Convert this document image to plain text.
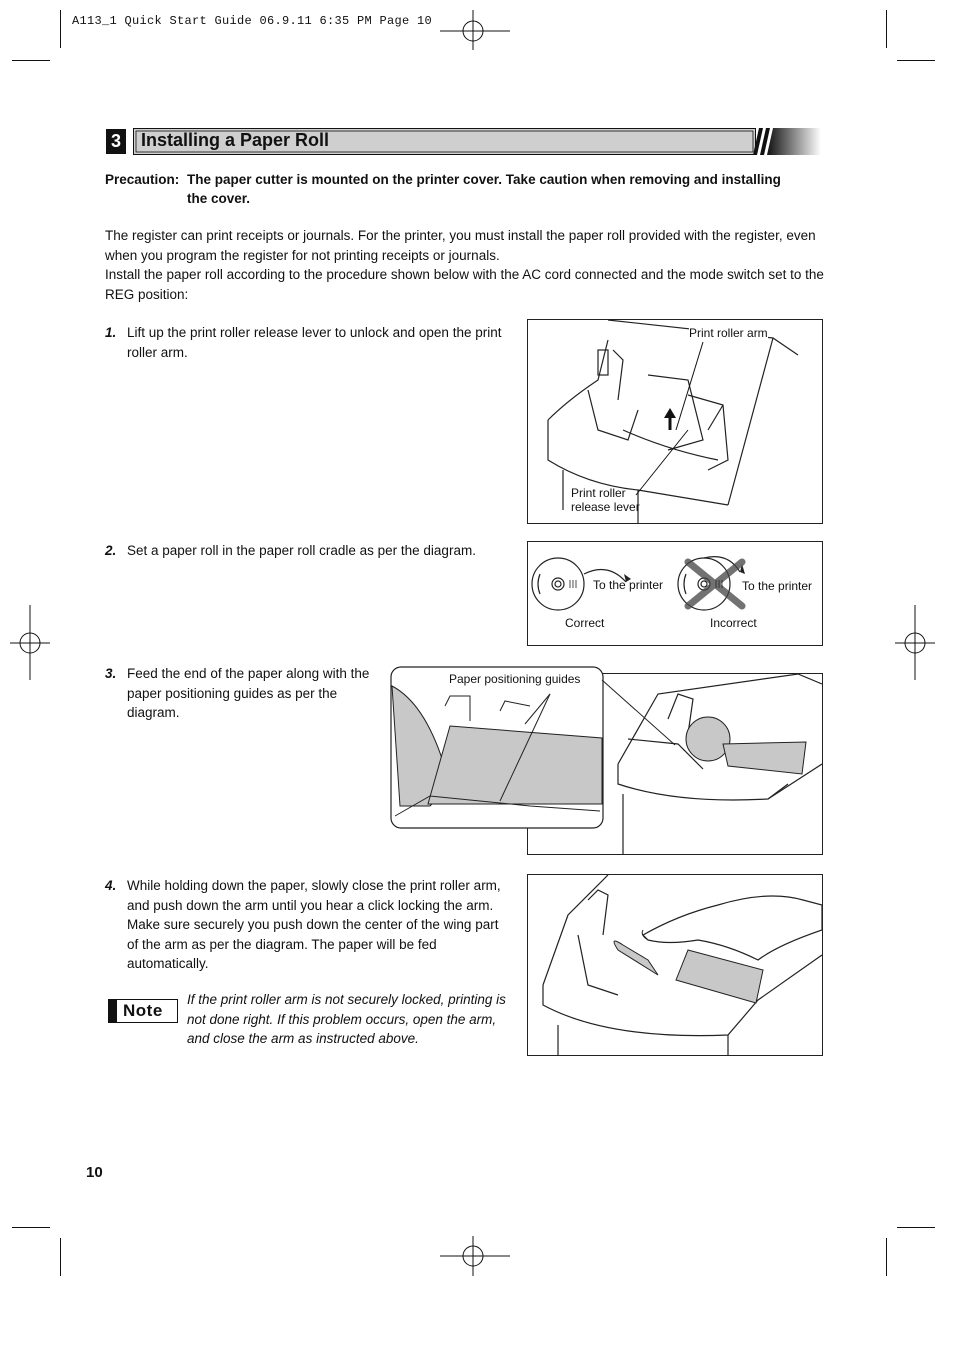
A113_1 Quick Start Guide 06.9.11 6:35 PM Page 10
3 Installing a Paper Roll
Precaution: The paper cutter is mounted on the printer cover. Take caution when removing and installing
the cover.
The register can print receipts or journals. For the printer, you must install the paper roll provided with the register, even when you program the register for not printing receipts or journals.
Install the paper roll according to the procedure shown below with the AC cord connected and the mode switch set to the REG position:
1. Lift up the print roller release lever to unlock and open the print roller arm.
Print roller arm
Print roller
release lever
2. Set a paper roll in the paper roll cradle as per the diagram.
To the printer	To the printer
Correct	Incorrect
3. Feed the end of the paper along with the paper positioning guides as per the diagram.
Paper positioning guides
4. While holding down the paper, slowly close the print roller arm, and push down the arm until you hear a click locking the arm. Make sure securely you push down the center of the wing part of the arm as per the diagram. The paper will be fed automatically.
Note
If the print roller arm is not securely locked, printing is not done right. If this problem occurs, open the arm, and close the arm as instructed above.
10
